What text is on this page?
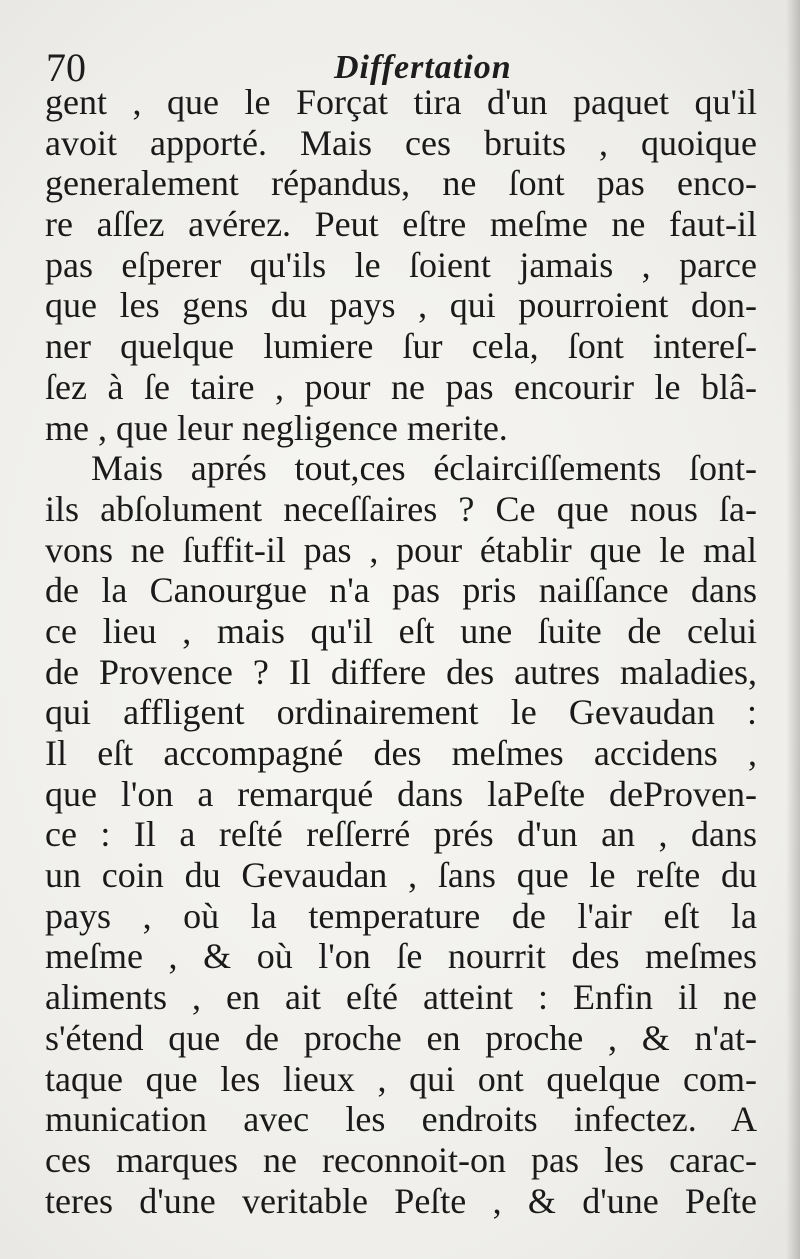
70	Differtation
gent , que le Forçat tira d'un paquet qu'il
avoit apporté. Mais ces bruits , quoique
generalement répandus, ne ſont pas enco-
re aſſez avérez. Peut eſtre meſme ne faut-il
pas eſperer qu'ils le ſoient jamais , parce
que les gens du pays , qui pourroient don-
ner quelque lumiere ſur cela, ſont intereſ-
ſez à ſe taire , pour ne pas encourir le blâ-
me , que leur negligence merite.
Mais aprés tout,ces éclairciſſements ſont-
ils abſolument neceſſaires ? Ce que nous ſa-
vons ne ſuffit-il pas , pour établir que le mal
de la Canourgue n'a pas pris naiſſance dans
ce lieu , mais qu'il eſt une ſuite de celui
de Provence ? Il differe des autres maladies,
qui affligent ordinairement le Gevaudan :
Il eſt accompagné des meſmes accidens ,
que l'on a remarqué dans laPeſte deProven-
ce : Il a reſté reſſerré prés d'un an , dans
un coin du Gevaudan , ſans que le reſte du
pays , où la temperature de l'air eſt la
meſme , & où l'on ſe nourrit des meſmes
aliments , en ait eſté atteint : Enfin il ne
s'étend que de proche en proche , & n'at-
taque que les lieux , qui ont quelque com-
munication avec les endroits infectez. A
ces marques ne reconnoit-on pas les carac-
teres d'une veritable Peſte , & d'une Peſte
